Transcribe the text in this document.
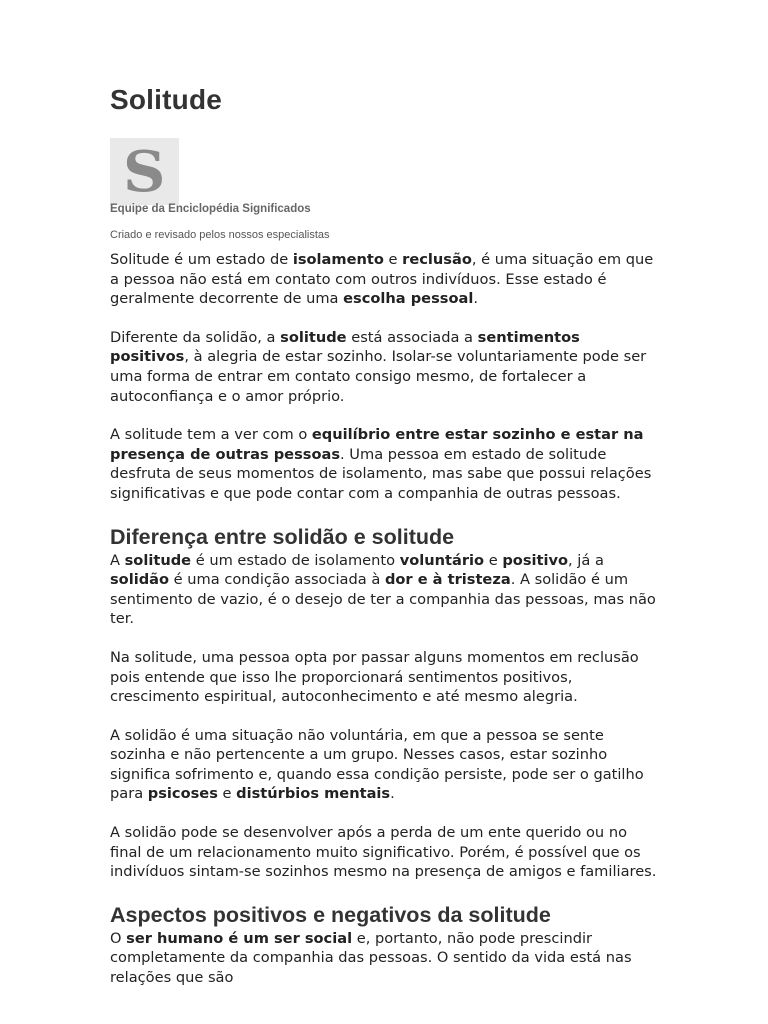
Solitude
S

Equipe da Enciclopédia Significados

Criado e revisado pelos nossos especialistas

Solitude é um estado de isolamento e reclusão, é uma situação em que a pessoa não está em contato com outros indivíduos. Esse estado é geralmente decorrente de uma escolha pessoal.

Diferente da solidão, a solitude está associada a sentimentos positivos, à alegria de estar sozinho. Isolar-se voluntariamente pode ser uma forma de entrar em contato consigo mesmo, de fortalecer a autoconfiança e o amor próprio.

A solitude tem a ver com o equilíbrio entre estar sozinho e estar na presença de outras pessoas. Uma pessoa em estado de solitude desfruta de seus momentos de isolamento, mas sabe que possui relações significativas e que pode contar com a companhia de outras pessoas.

Diferença entre solidão e solitude

A solitude é um estado de isolamento voluntário e positivo, já a solidão é uma condição associada à dor e à tristeza. A solidão é um sentimento de vazio, é o desejo de ter a companhia das pessoas, mas não ter.

Na solitude, uma pessoa opta por passar alguns momentos em reclusão pois entende que isso lhe proporcionará sentimentos positivos, crescimento espiritual, autoconhecimento e até mesmo alegria.

A solidão é uma situação não voluntária, em que a pessoa se sente sozinha e não pertencente a um grupo. Nesses casos, estar sozinho significa sofrimento e, quando essa condição persiste, pode ser o gatilho para psicoses e distúrbios mentais.

A solidão pode se desenvolver após a perda de um ente querido ou no final de um relacionamento muito significativo. Porém, é possível que os indivíduos sintam-se sozinhos mesmo na presença de amigos e familiares.

Aspectos positivos e negativos da solitude

O ser humano é um ser social e, portanto, não pode prescindir completamente da companhia das pessoas. O sentido da vida está nas relações que são
